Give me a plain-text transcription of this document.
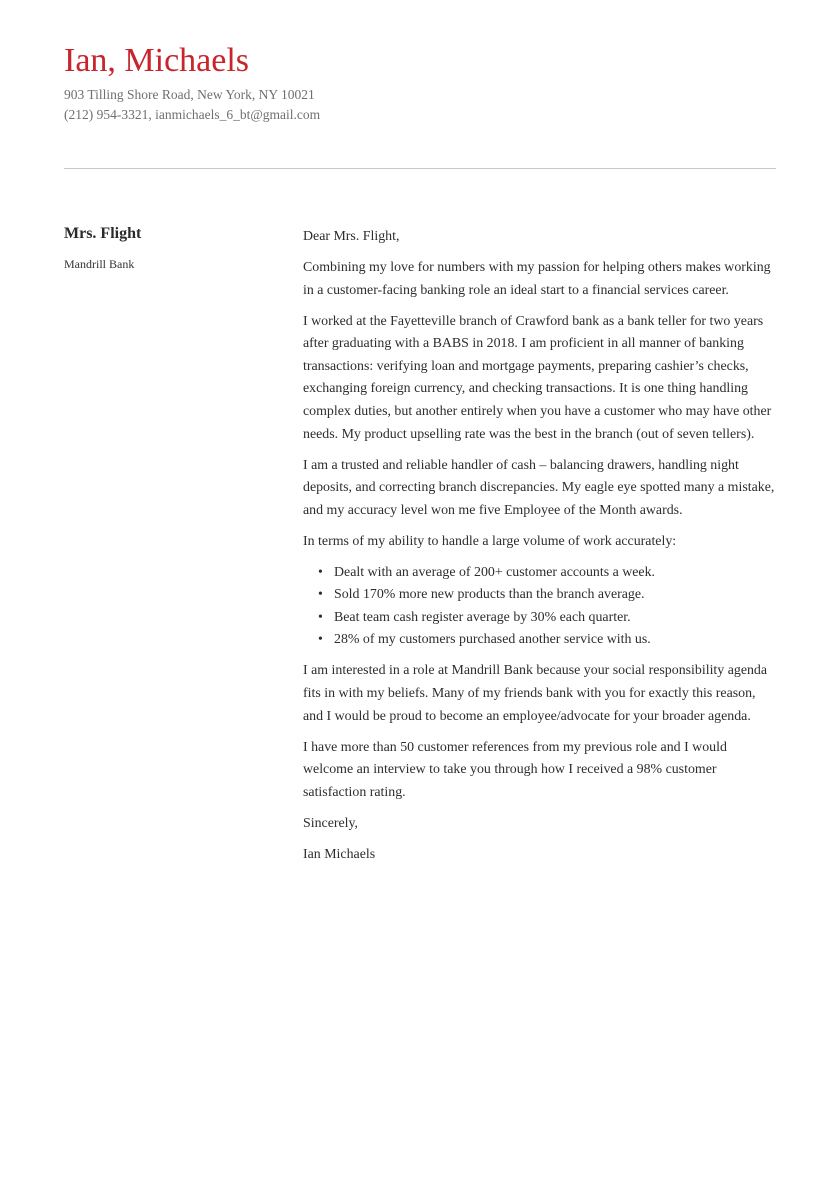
Ian, Michaels
903 Tilling Shore Road, New York, NY 10021
(212) 954-3321, ianmichaels_6_bt@gmail.com
Mrs. Flight
Mandrill Bank

Dear Mrs. Flight,

Combining my love for numbers with my passion for helping others makes working in a customer-facing banking role an ideal start to a financial services career.

I worked at the Fayetteville branch of Crawford bank as a bank teller for two years after graduating with a BABS in 2018. I am proficient in all manner of banking transactions: verifying loan and mortgage payments, preparing cashier’s checks, exchanging foreign currency, and checking transactions. It is one thing handling complex duties, but another entirely when you have a customer who may have other needs. My product upselling rate was the best in the branch (out of seven tellers).

I am a trusted and reliable handler of cash – balancing drawers, handling night deposits, and correcting branch discrepancies. My eagle eye spotted many a mistake, and my accuracy level won me five Employee of the Month awards.

In terms of my ability to handle a large volume of work accurately:

• Dealt with an average of 200+ customer accounts a week.
• Sold 170% more new products than the branch average.
• Beat team cash register average by 30% each quarter.
• 28% of my customers purchased another service with us.

I am interested in a role at Mandrill Bank because your social responsibility agenda fits in with my beliefs. Many of my friends bank with you for exactly this reason, and I would be proud to become an employee/advocate for your broader agenda.

I have more than 50 customer references from my previous role and I would welcome an interview to take you through how I received a 98% customer satisfaction rating.

Sincerely,

Ian Michaels
